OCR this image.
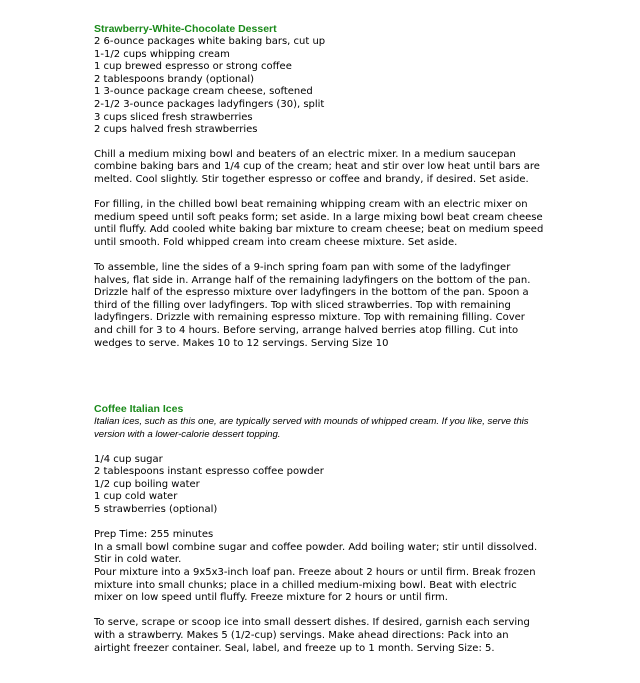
Strawberry-White-Chocolate Dessert
2 6-ounce packages white baking bars, cut up
1-1/2 cups whipping cream
1 cup brewed espresso or strong coffee
2 tablespoons brandy (optional)
1 3-ounce package cream cheese, softened
2-1/2 3-ounce packages ladyfingers (30), split
3 cups sliced fresh strawberries
2 cups halved fresh strawberries

Chill a medium mixing bowl and beaters of an electric mixer. In a medium saucepan combine baking bars and 1/4 cup of the cream; heat and stir over low heat until bars are melted. Cool slightly. Stir together espresso or coffee and brandy, if desired. Set aside.

For filling, in the chilled bowl beat remaining whipping cream with an electric mixer on medium speed until soft peaks form; set aside. In a large mixing bowl beat cream cheese until fluffy. Add cooled white baking bar mixture to cream cheese; beat on medium speed until smooth. Fold whipped cream into cream cheese mixture. Set aside.

To assemble, line the sides of a 9-inch spring foam pan with some of the ladyfinger halves, flat side in. Arrange half of the remaining ladyfingers on the bottom of the pan. Drizzle half of the espresso mixture over ladyfingers in the bottom of the pan. Spoon a third of the filling over ladyfingers. Top with sliced strawberries. Top with remaining ladyfingers. Drizzle with remaining espresso mixture. Top with remaining filling. Cover and chill for 3 to 4 hours. Before serving, arrange halved berries atop filling. Cut into wedges to serve. Makes 10 to 12 servings. Serving Size 10

Coffee Italian Ices

Italian ices, such as this one, are typically served with mounds of whipped cream. If you like, serve this version with a lower-calorie dessert topping.

1/4 cup sugar
2 tablespoons instant espresso coffee powder
1/2 cup boiling water
1 cup cold water
5 strawberries (optional)

Prep Time: 255 minutes

In a small bowl combine sugar and coffee powder. Add boiling water; stir until dissolved. Stir in cold water.

Pour mixture into a 9x5x3-inch loaf pan. Freeze about 2 hours or until firm. Break frozen mixture into small chunks; place in a chilled medium-mixing bowl. Beat with electric mixer on low speed until fluffy. Freeze mixture for 2 hours or until firm.

To serve, scrape or scoop ice into small dessert dishes. If desired, garnish each serving with a strawberry. Makes 5 (1/2-cup) servings. Make ahead directions: Pack into an airtight freezer container. Seal, label, and freeze up to 1 month. Serving Size: 5.
